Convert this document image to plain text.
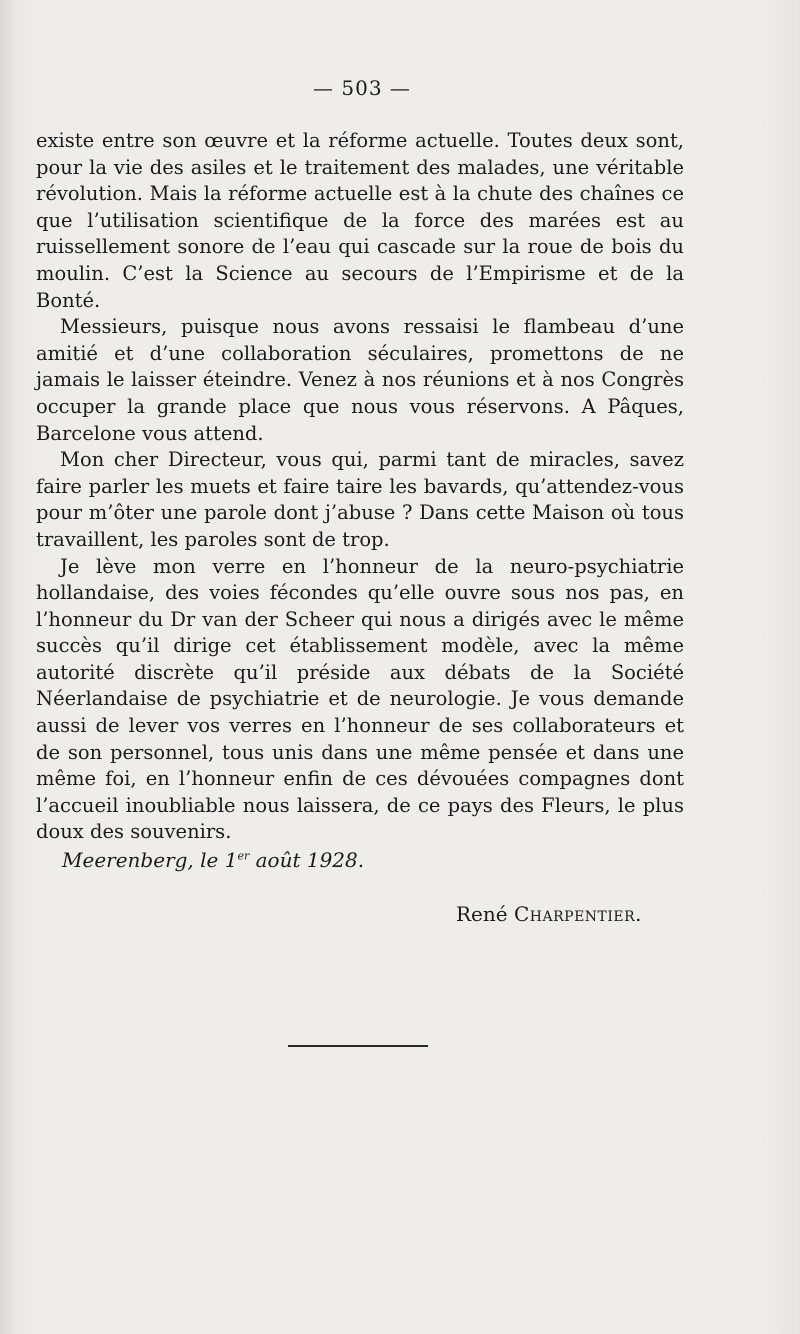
— 503 —

existe entre son œuvre et la réforme actuelle. Toutes deux sont, pour la vie des asiles et le traitement des malades, une véritable révolution. Mais la réforme actuelle est à la chute des chaînes ce que l’utilisation scientifique de la force des marées est au ruissellement sonore de l’eau qui cascade sur la roue de bois du moulin. C’est la Science au secours de l’Empirisme et de la Bonté.

Messieurs, puisque nous avons ressaisi le flambeau d’une amitié et d’une collaboration séculaires, promettons de ne jamais le laisser éteindre. Venez à nos réunions et à nos Congrès occuper la grande place que nous vous réservons. A Pâques, Barcelone vous attend.

Mon cher Directeur, vous qui, parmi tant de miracles, savez faire parler les muets et faire taire les bavards, qu’attendez-vous pour m’ôter une parole dont j’abuse ? Dans cette Maison où tous travaillent, les paroles sont de trop.

Je lève mon verre en l’honneur de la neuro-psychiatrie hollandaise, des voies fécondes qu’elle ouvre sous nos pas, en l’honneur du Dr van der Scheer qui nous a dirigés avec le même succès qu’il dirige cet établissement modèle, avec la même autorité discrète qu’il préside aux débats de la Société Néerlandaise de psychiatrie et de neurologie. Je vous demande aussi de lever vos verres en l’honneur de ses collaborateurs et de son personnel, tous unis dans une même pensée et dans une même foi, en l’honneur enfin de ces dévouées compagnes dont l’accueil inoubliable nous laissera, de ce pays des Fleurs, le plus doux des souvenirs.

Meerenberg, le 1er août 1928.
René Charpentier.
